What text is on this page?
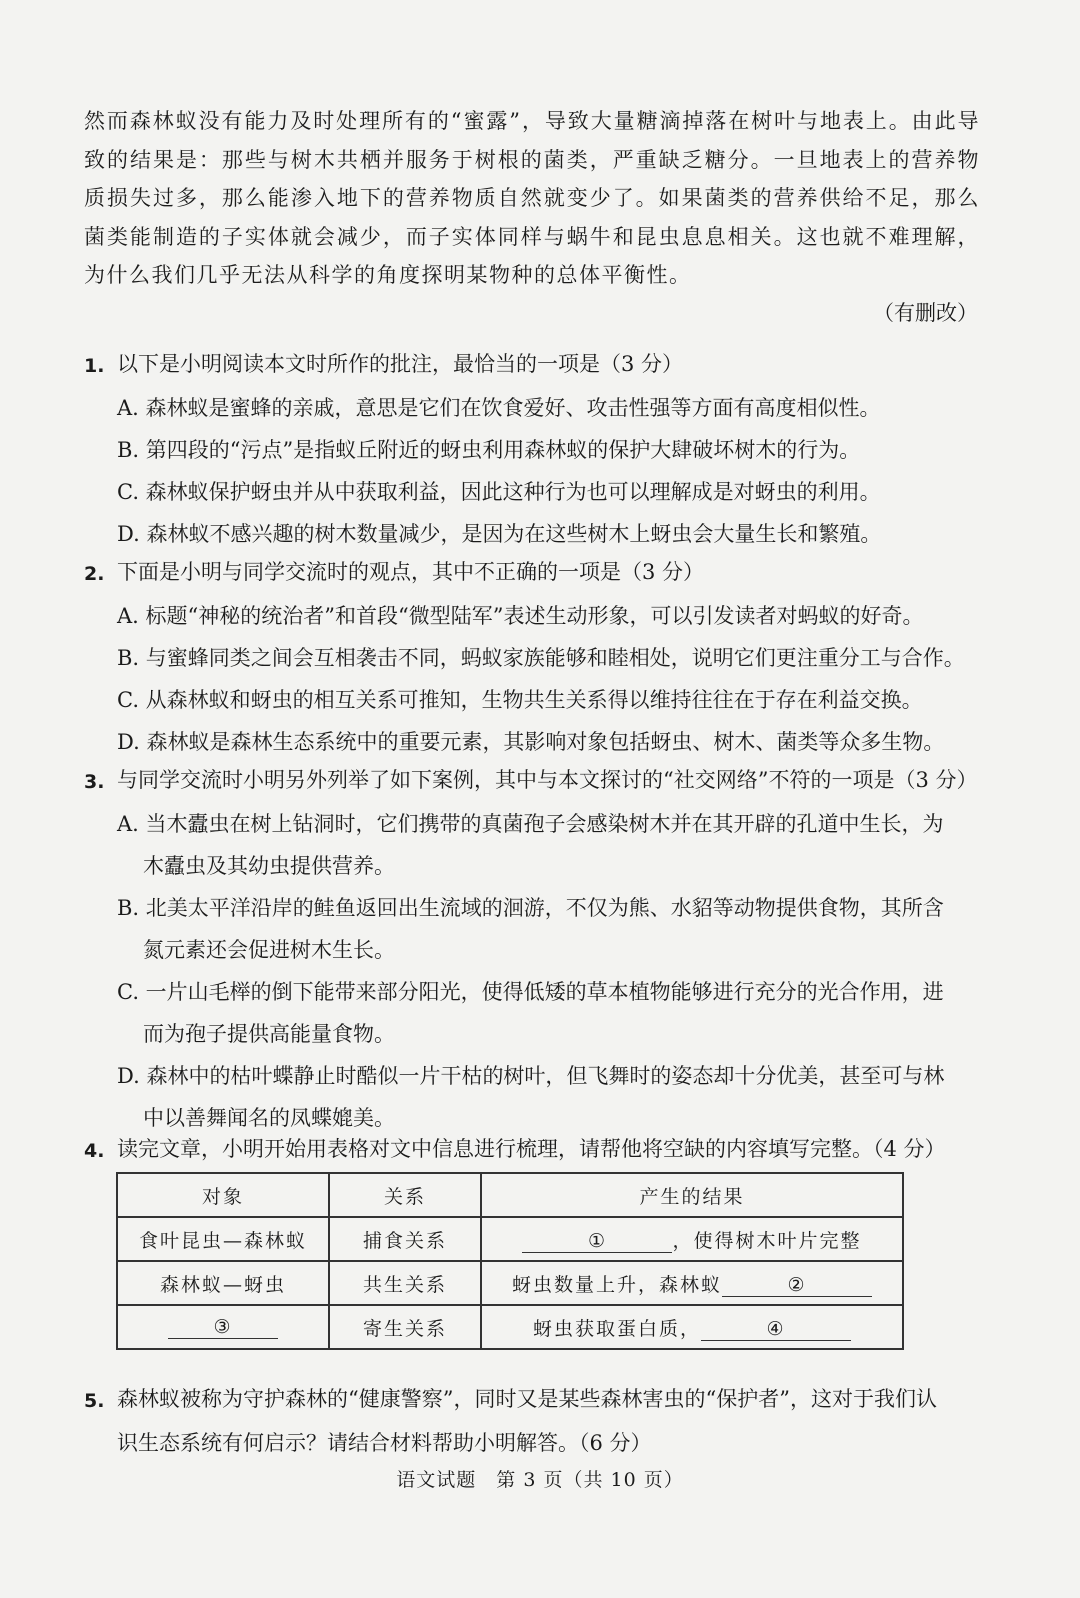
然而森林蚁没有能力及时处理所有的“蜜露”，导致大量糖滴掉落在树叶与地表上。由此导致的结果是：那些与树木共栖并服务于树根的菌类，严重缺乏糖分。一旦地表上的营养物质损失过多，那么能渗入地下的营养物质自然就变少了。如果菌类的营养供给不足，那么菌类能制造的子实体就会减少，而子实体同样与蜗牛和昆虫息息相关。这也就不难理解，为什么我们几乎无法从科学的角度探明某物种的总体平衡性。
（有删改）
1. 以下是小明阅读本文时所作的批注，最恰当的一项是（3 分）
A. 森林蚁是蜜蜂的亲戚，意思是它们在饮食爱好、攻击性强等方面有高度相似性。
B. 第四段的“污点”是指蚁丘附近的蚜虫利用森林蚁的保护大肆破坏树木的行为。
C. 森林蚁保护蚜虫并从中获取利益，因此这种行为也可以理解成是对蚜虫的利用。
D. 森林蚁不感兴趣的树木数量减少，是因为在这些树木上蚜虫会大量生长和繁殖。
2. 下面是小明与同学交流时的观点，其中不正确的一项是（3 分）
A. 标题“神秘的统治者”和首段“微型陆军”表述生动形象，可以引发读者对蚂蚁的好奇。
B. 与蜜蜂同类之间会互相袭击不同，蚂蚁家族能够和睦相处，说明它们更注重分工与合作。
C. 从森林蚁和蚜虫的相互关系可推知，生物共生关系得以维持往往在于存在利益交换。
D. 森林蚁是森林生态系统中的重要元素，其影响对象包括蚜虫、树木、菌类等众多生物。
3. 与同学交流时小明另外列举了如下案例，其中与本文探讨的“社交网络”不符的一项是（3 分）
A. 当木蠹虫在树上钻洞时，它们携带的真菌孢子会感染树木并在其开辟的孔道中生长，为
木蠹虫及其幼虫提供营养。
B. 北美太平洋沿岸的鲑鱼返回出生流域的洄游，不仅为熊、水貂等动物提供食物，其所含
氮元素还会促进树木生长。
C. 一片山毛榉的倒下能带来部分阳光，使得低矮的草本植物能够进行充分的光合作用，进
而为孢子提供高能量食物。
D. 森林中的枯叶蝶静止时酷似一片干枯的树叶，但飞舞时的姿态却十分优美，甚至可与林
中以善舞闻名的凤蝶媲美。
4. 读完文章，小明开始用表格对文中信息进行梳理，请帮他将空缺的内容填写完整。（4 分）
对象	关系	产生的结果
食叶昆虫—森林蚁	捕食关系	① ，使得树木叶片完整
森林蚁—蚜虫	共生关系	蚜虫数量上升，森林蚁 ②
③	寄生关系	蚜虫获取蛋白质， ④
5. 森林蚁被称为守护森林的“健康警察”，同时又是某些森林害虫的“保护者”，这对于我们认
识生态系统有何启示？请结合材料帮助小明解答。（6 分）
语文试题　第 3 页（共 10 页）
